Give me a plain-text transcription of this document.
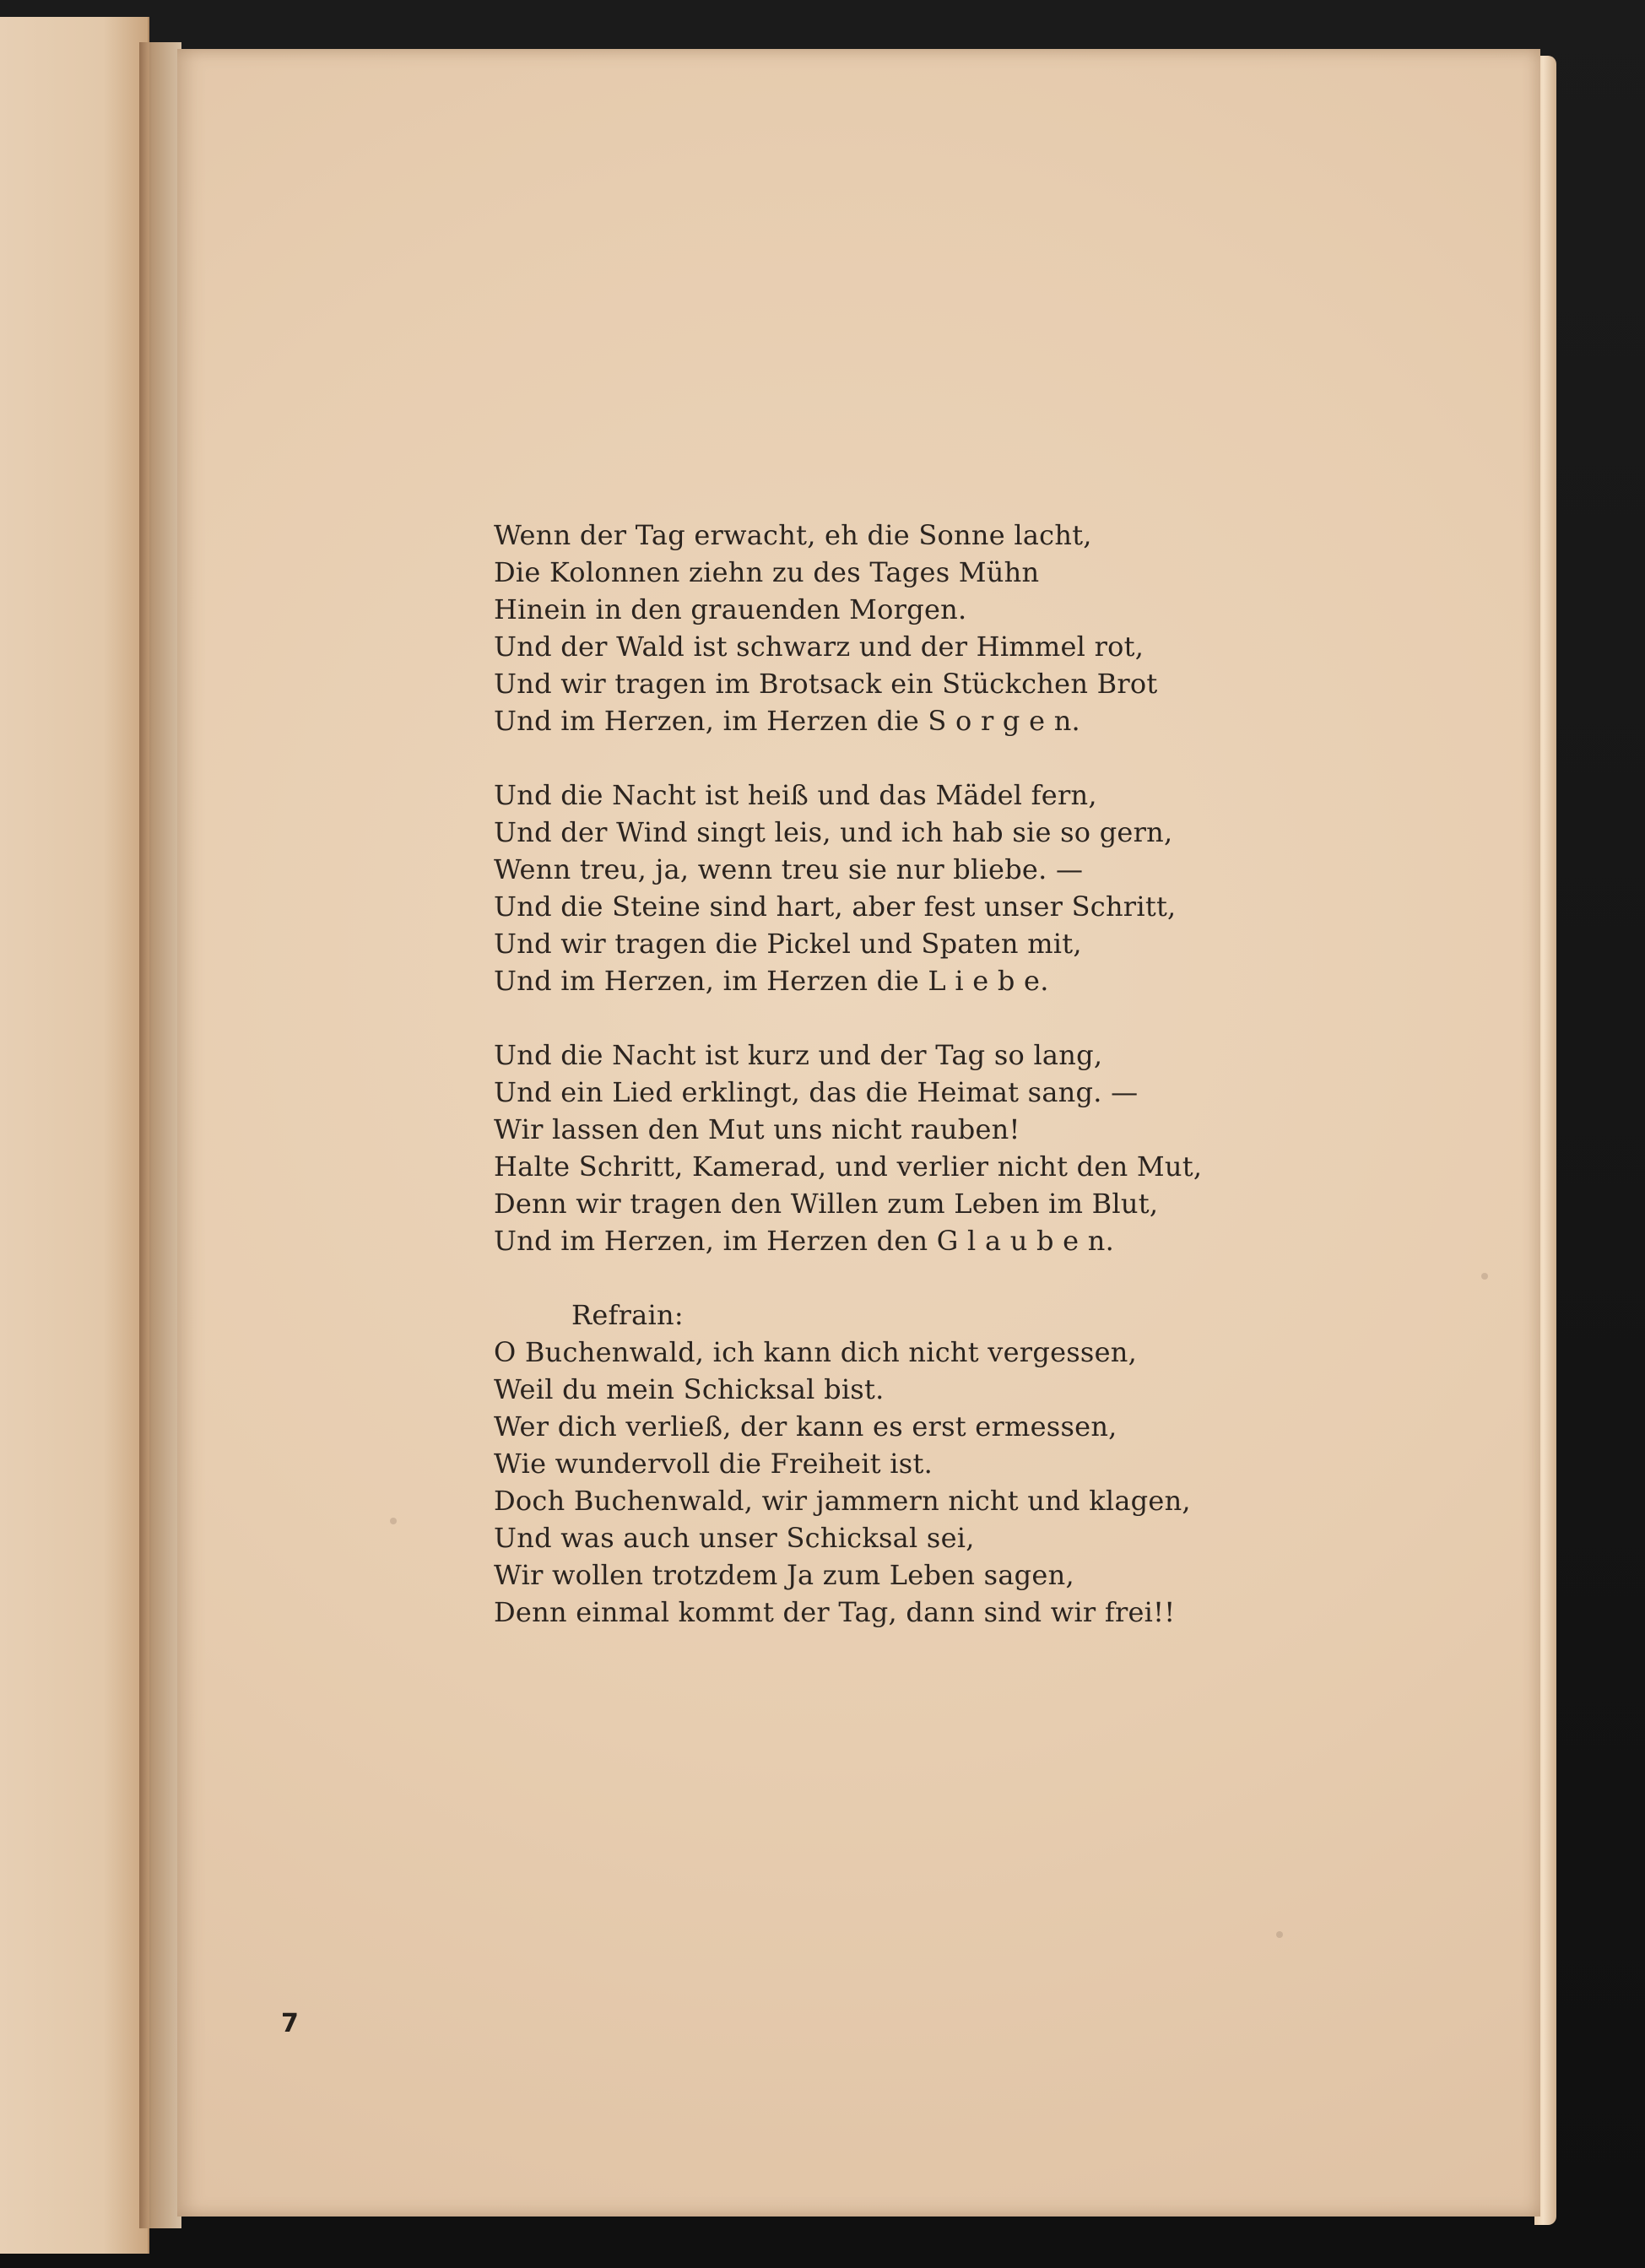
Wenn der Tag erwacht, eh die Sonne lacht,
Die Kolonnen ziehn zu des Tages Mühn
Hinein in den grauenden Morgen.
Und der Wald ist schwarz und der Himmel rot,
Und wir tragen im Brotsack ein Stückchen Brot
Und im Herzen, im Herzen die S o r g e n.
Und die Nacht ist heiß und das Mädel fern,
Und der Wind singt leis, und ich hab sie so gern,
Wenn treu, ja, wenn treu sie nur bliebe. —
Und die Steine sind hart, aber fest unser Schritt,
Und wir tragen die Pickel und Spaten mit,
Und im Herzen, im Herzen die L i e b e.
Und die Nacht ist kurz und der Tag so lang,
Und ein Lied erklingt, das die Heimat sang. —
Wir lassen den Mut uns nicht rauben!
Halte Schritt, Kamerad, und verlier nicht den Mut,
Denn wir tragen den Willen zum Leben im Blut,
Und im Herzen, im Herzen den G l a u b e n.
Refrain:
O Buchenwald, ich kann dich nicht vergessen,
Weil du mein Schicksal bist.
Wer dich verließ, der kann es erst ermessen,
Wie wundervoll die Freiheit ist.
Doch Buchenwald, wir jammern nicht und klagen,
Und was auch unser Schicksal sei,
Wir wollen trotzdem Ja zum Leben sagen,
Denn einmal kommt der Tag, dann sind wir frei!!
7
